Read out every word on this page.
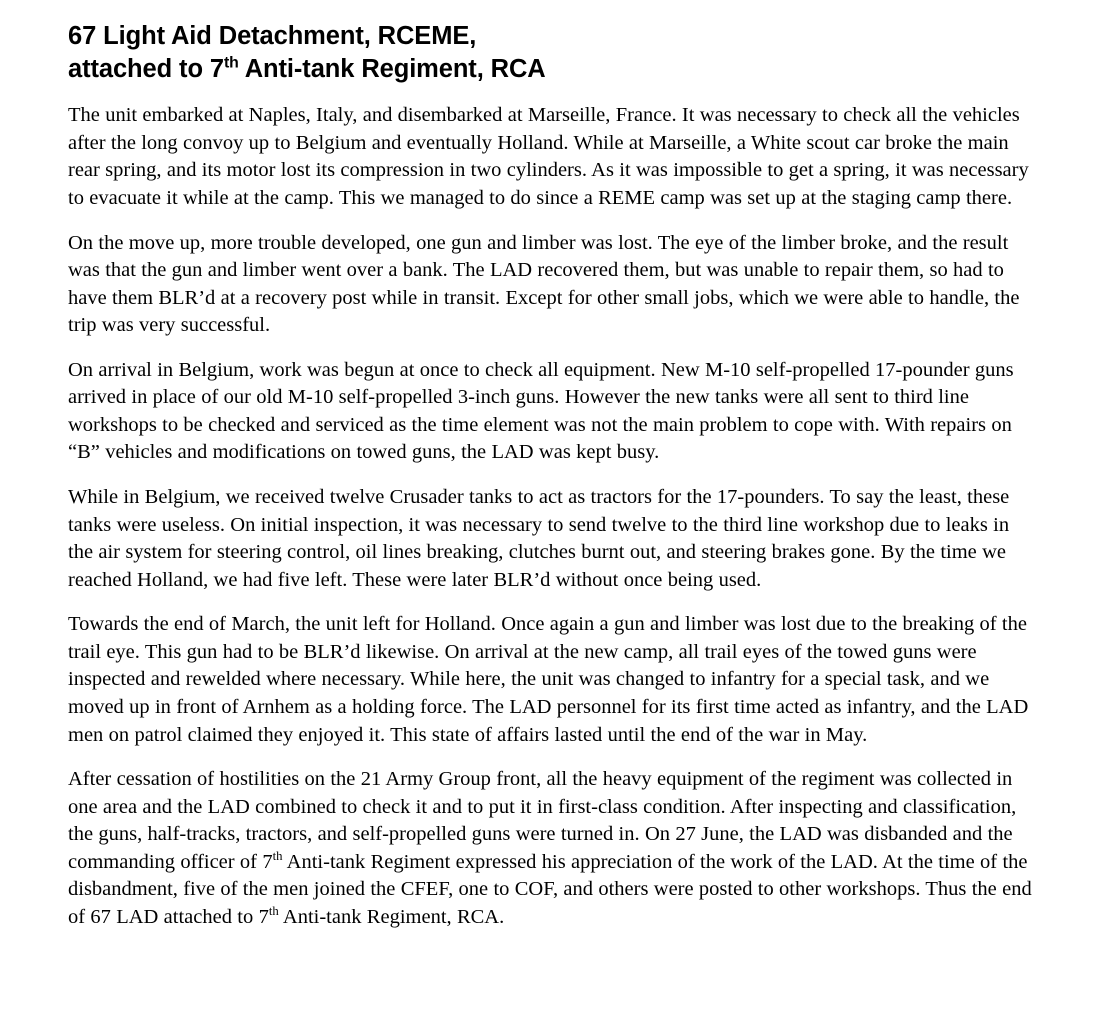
67 Light Aid Detachment, RCEME,
attached to 7th Anti-tank Regiment, RCA

The unit embarked at Naples, Italy, and disembarked at Marseille, France. It was necessary to check all the vehicles after the long convoy up to Belgium and eventually Holland. While at Marseille, a White scout car broke the main rear spring, and its motor lost its compression in two cylinders. As it was impossible to get a spring, it was necessary to evacuate it while at the camp. This we managed to do since a REME camp was set up at the staging camp there.

On the move up, more trouble developed, one gun and limber was lost. The eye of the limber broke, and the result was that the gun and limber went over a bank. The LAD recovered them, but was unable to repair them, so had to have them BLR’d at a recovery post while in transit. Except for other small jobs, which we were able to handle, the trip was very successful.

On arrival in Belgium, work was begun at once to check all equipment. New M-10 self-propelled 17-pounder guns arrived in place of our old M-10 self-propelled 3-inch guns. However the new tanks were all sent to third line workshops to be checked and serviced as the time element was not the main problem to cope with. With repairs on “B” vehicles and modifications on towed guns, the LAD was kept busy.

While in Belgium, we received twelve Crusader tanks to act as tractors for the 17-pounders. To say the least, these tanks were useless. On initial inspection, it was necessary to send twelve to the third line workshop due to leaks in the air system for steering control, oil lines breaking, clutches burnt out, and steering brakes gone. By the time we reached Holland, we had five left. These were later BLR’d without once being used.

Towards the end of March, the unit left for Holland. Once again a gun and limber was lost due to the breaking of the trail eye. This gun had to be BLR’d likewise. On arrival at the new camp, all trail eyes of the towed guns were inspected and rewelded where necessary. While here, the unit was changed to infantry for a special task, and we moved up in front of Arnhem as a holding force. The LAD personnel for its first time acted as infantry, and the LAD men on patrol claimed they enjoyed it. This state of affairs lasted until the end of the war in May.

After cessation of hostilities on the 21 Army Group front, all the heavy equipment of the regiment was collected in one area and the LAD combined to check it and to put it in first-class condition. After inspecting and classification, the guns, half-tracks, tractors, and self-propelled guns were turned in. On 27 June, the LAD was disbanded and the commanding officer of 7th Anti-tank Regiment expressed his appreciation of the work of the LAD. At the time of the disbandment, five of the men joined the CFEF, one to COF, and others were posted to other workshops. Thus the end of 67 LAD attached to 7th Anti-tank Regiment, RCA.
